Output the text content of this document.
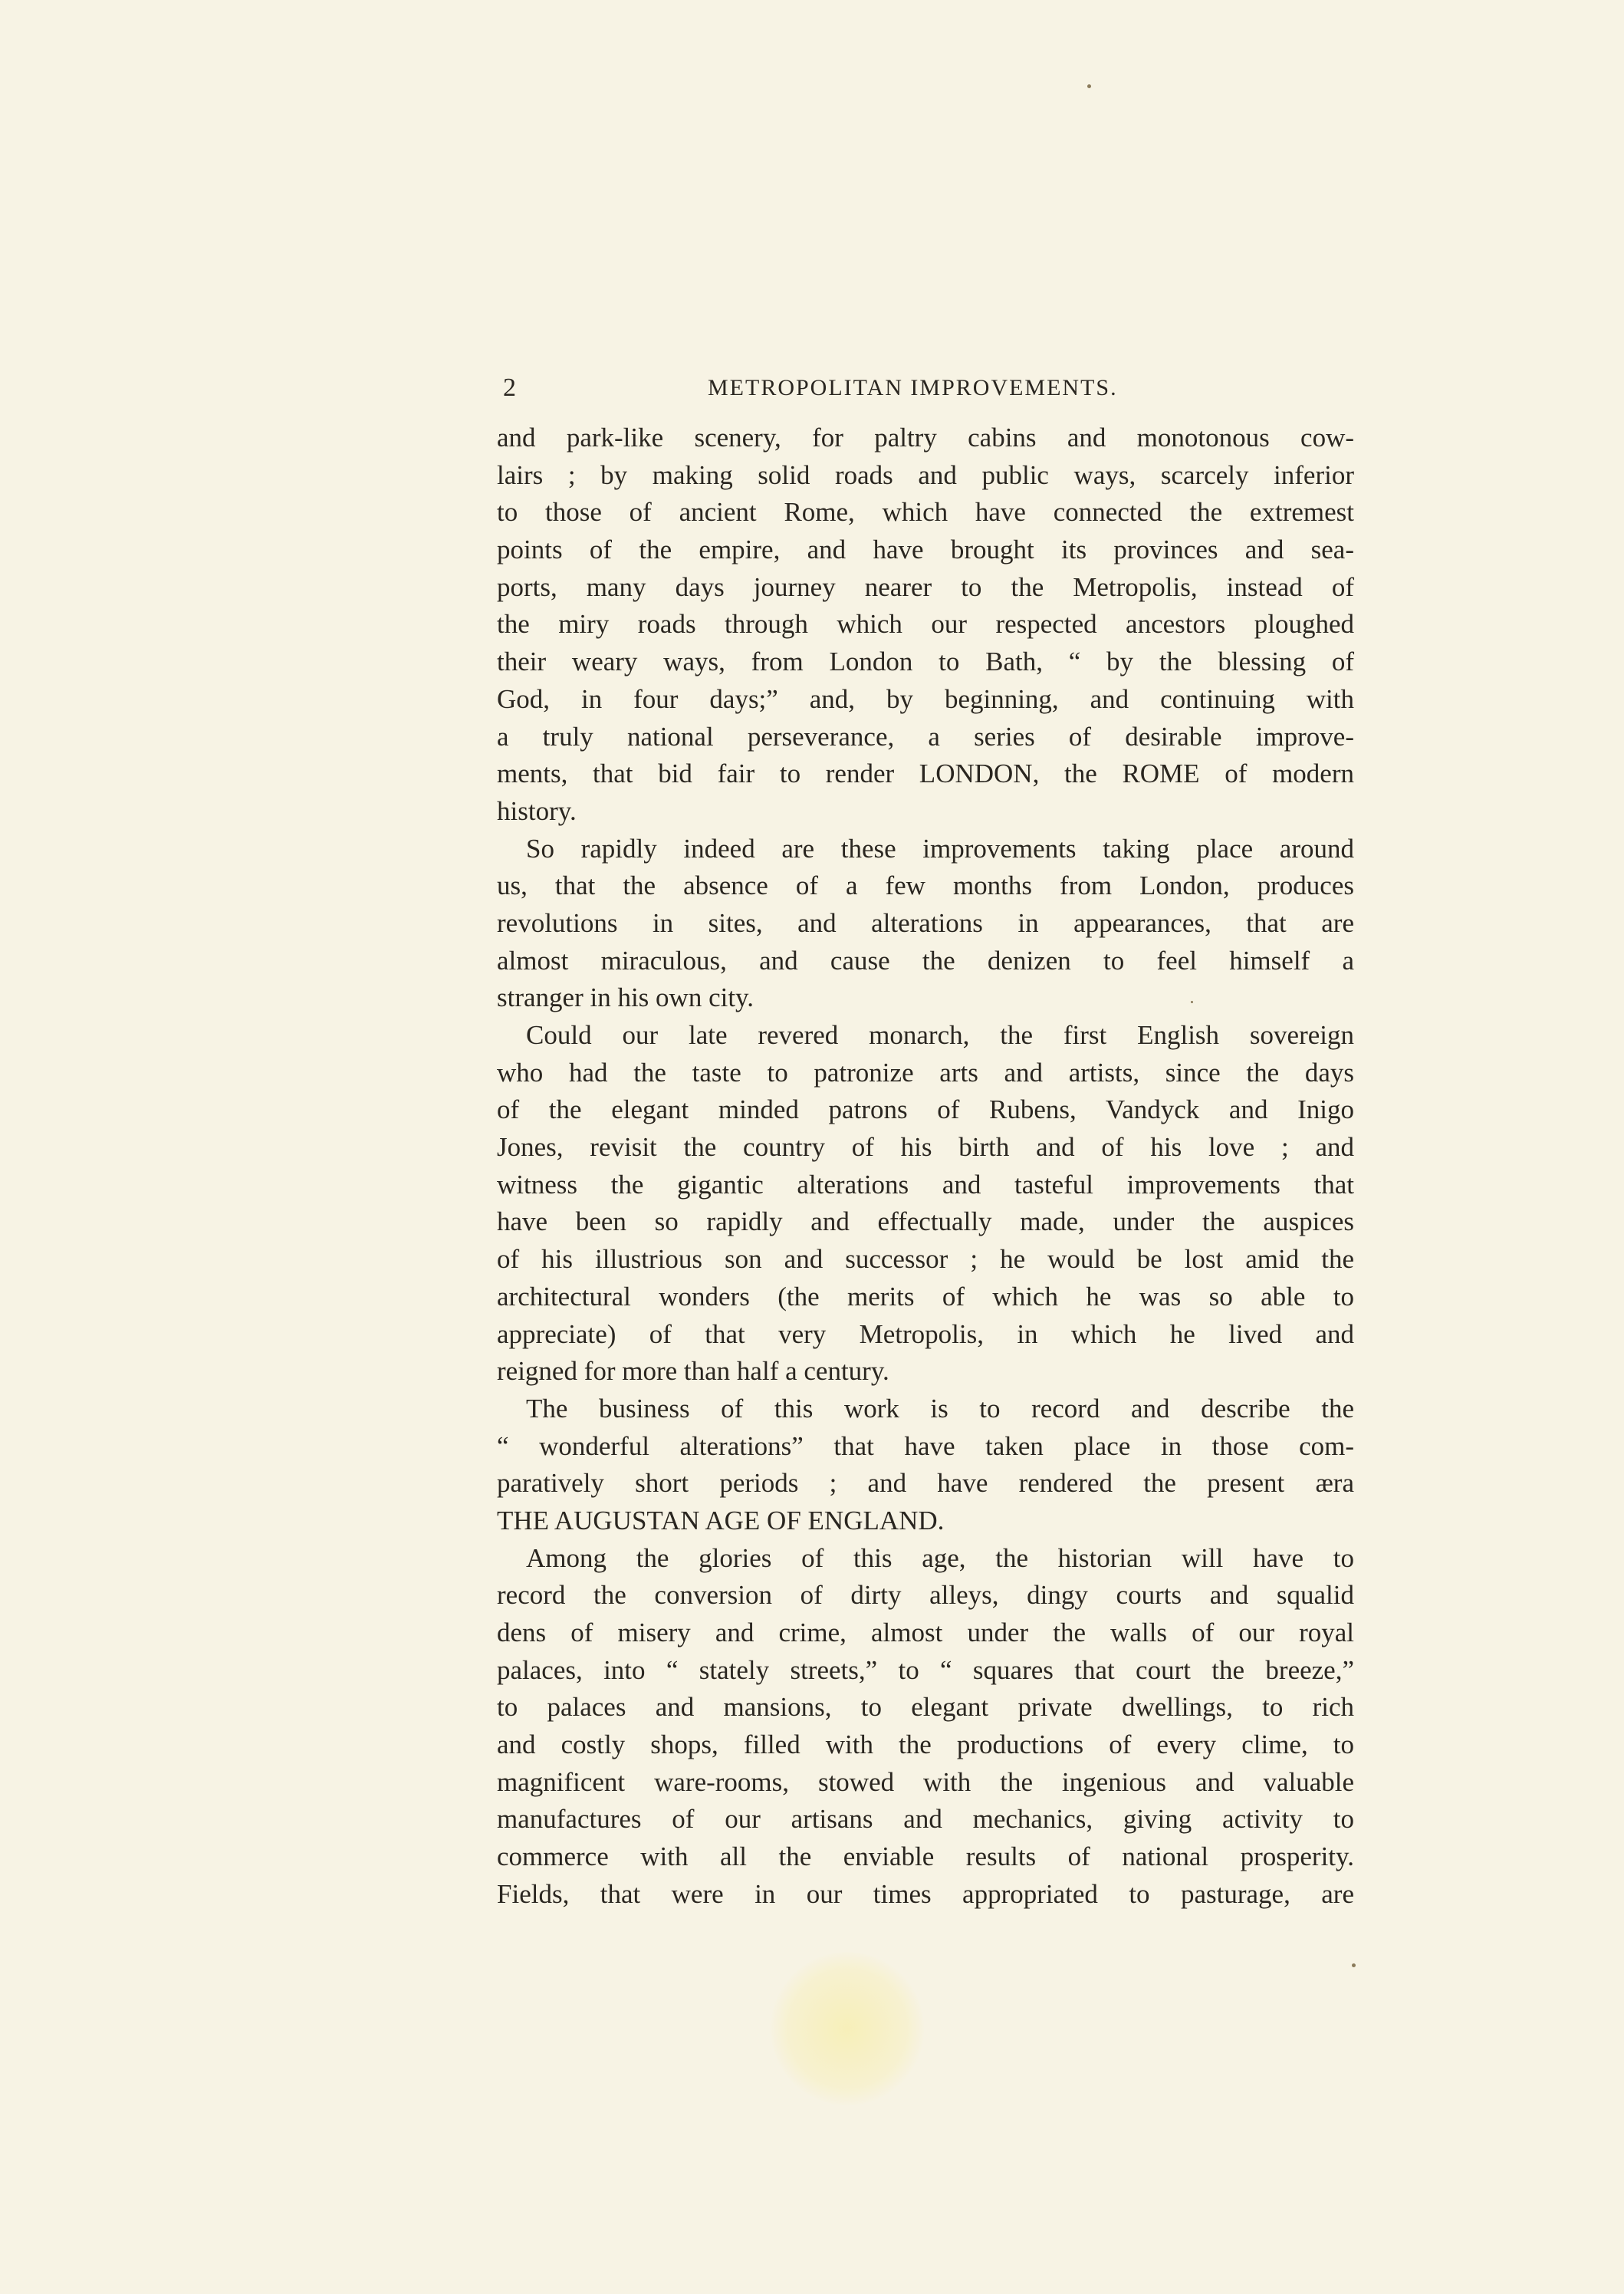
2	METROPOLITAN IMPROVEMENTS.
and park-like scenery, for paltry cabins and monotonous cow-
lairs ; by making solid roads and public ways, scarcely inferior
to those of ancient Rome, which have connected the extremest
points of the empire, and have brought its provinces and sea-
ports, many days journey nearer to the Metropolis, instead of
the miry roads through which our respected ancestors ploughed
their weary ways, from London to Bath, “ by the blessing of
God, in four days;” and, by beginning, and continuing with
a truly national perseverance, a series of desirable improve-
ments, that bid fair to render LONDON, the ROME of modern
history.
So rapidly indeed are these improvements taking place around
us, that the absence of a few months from London, produces
revolutions in sites, and alterations in appearances, that are
almost miraculous, and cause the denizen to feel himself a
stranger in his own city.
Could our late revered monarch, the first English sovereign
who had the taste to patronize arts and artists, since the days
of the elegant minded patrons of Rubens, Vandyck and Inigo
Jones, revisit the country of his birth and of his love ; and
witness the gigantic alterations and tasteful improvements that
have been so rapidly and effectually made, under the auspices
of his illustrious son and successor ; he would be lost amid the
architectural wonders (the merits of which he was so able to
appreciate) of that very Metropolis, in which he lived and
reigned for more than half a century.
The business of this work is to record and describe the
“ wonderful alterations” that have taken place in those com-
paratively short periods ; and have rendered the present æra
THE AUGUSTAN AGE OF ENGLAND.
Among the glories of this age, the historian will have to
record the conversion of dirty alleys, dingy courts and squalid
dens of misery and crime, almost under the walls of our royal
palaces, into “ stately streets,” to “ squares that court the breeze,”
to palaces and mansions, to elegant private dwellings, to rich
and costly shops, filled with the productions of every clime, to
magnificent ware-rooms, stowed with the ingenious and valuable
manufactures of our artisans and mechanics, giving activity to
commerce with all the enviable results of national prosperity.
Fields, that were in our times appropriated to pasturage, are
